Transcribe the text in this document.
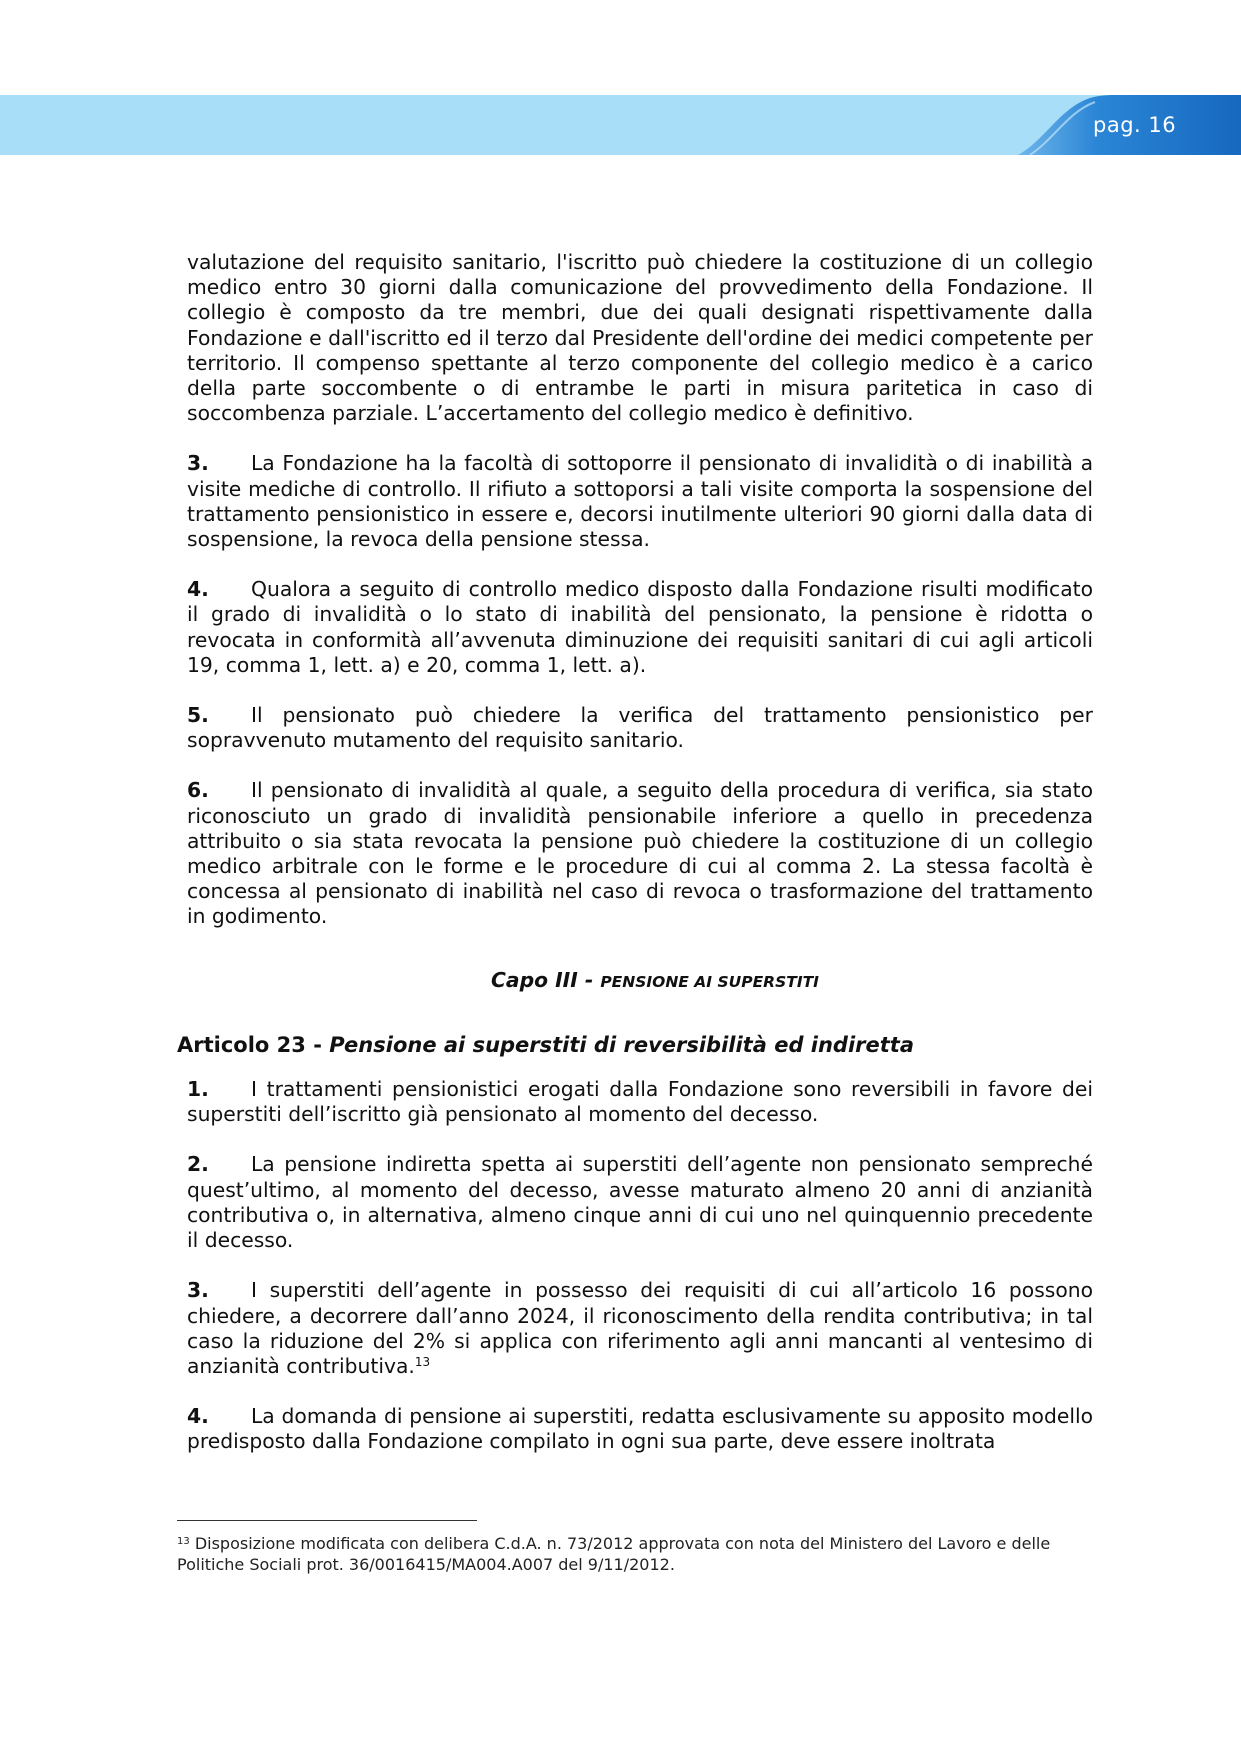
pag. 16

valutazione del requisito sanitario, l'iscritto può chiedere la costituzione di un collegio medico entro 30 giorni dalla comunicazione del provvedimento della Fondazione. Il collegio è composto da tre membri, due dei quali designati rispettivamente dalla Fondazione e dall'iscritto ed il terzo dal Presidente dell'ordine dei medici competente per territorio. Il compenso spettante al terzo componente del collegio medico è a carico della parte soccombente o di entrambe le parti in misura paritetica in caso di soccombenza parziale. L’accertamento del collegio medico è definitivo.

3. La Fondazione ha la facoltà di sottoporre il pensionato di invalidità o di inabilità a visite mediche di controllo. Il rifiuto a sottoporsi a tali visite comporta la sospensione del trattamento pensionistico in essere e, decorsi inutilmente ulteriori 90 giorni dalla data di sospensione, la revoca della pensione stessa.

4. Qualora a seguito di controllo medico disposto dalla Fondazione risulti modificato il grado di invalidità o lo stato di inabilità del pensionato, la pensione è ridotta o revocata in conformità all’avvenuta diminuzione dei requisiti sanitari di cui agli articoli 19, comma 1, lett. a) e 20, comma 1, lett. a).

5. Il pensionato può chiedere la verifica del trattamento pensionistico per sopravvenuto mutamento del requisito sanitario.

6. Il pensionato di invalidità al quale, a seguito della procedura di verifica, sia stato riconosciuto un grado di invalidità pensionabile inferiore a quello in precedenza attribuito o sia stata revocata la pensione può chiedere la costituzione di un collegio medico arbitrale con le forme e le procedure di cui al comma 2. La stessa facoltà è concessa al pensionato di inabilità nel caso di revoca o trasformazione del trattamento in godimento.

Capo III - PENSIONE AI SUPERSTITI
Articolo 23 - Pensione ai superstiti di reversibilità ed indiretta

1. I trattamenti pensionistici erogati dalla Fondazione sono reversibili in favore dei superstiti dell’iscritto già pensionato al momento del decesso.

2. La pensione indiretta spetta ai superstiti dell’agente non pensionato sempreché quest’ultimo, al momento del decesso, avesse maturato almeno 20 anni di anzianità contributiva o, in alternativa, almeno cinque anni di cui uno nel quinquennio precedente il decesso.

3. I superstiti dell’agente in possesso dei requisiti di cui all’articolo 16 possono chiedere, a decorrere dall’anno 2024, il riconoscimento della rendita contributiva; in tal caso la riduzione del 2% si applica con riferimento agli anni mancanti al ventesimo di anzianità contributiva.$^{13}$

4. La domanda di pensione ai superstiti, redatta esclusivamente su apposito modello predisposto dalla Fondazione compilato in ogni sua parte, deve essere inoltrata

$^{13}$ Disposizione modificata con delibera C.d.A. n. 73/2012 approvata con nota del Ministero del Lavoro e delle Politiche Sociali prot. 36/0016415/MA004.A007 del 9/11/2012.
